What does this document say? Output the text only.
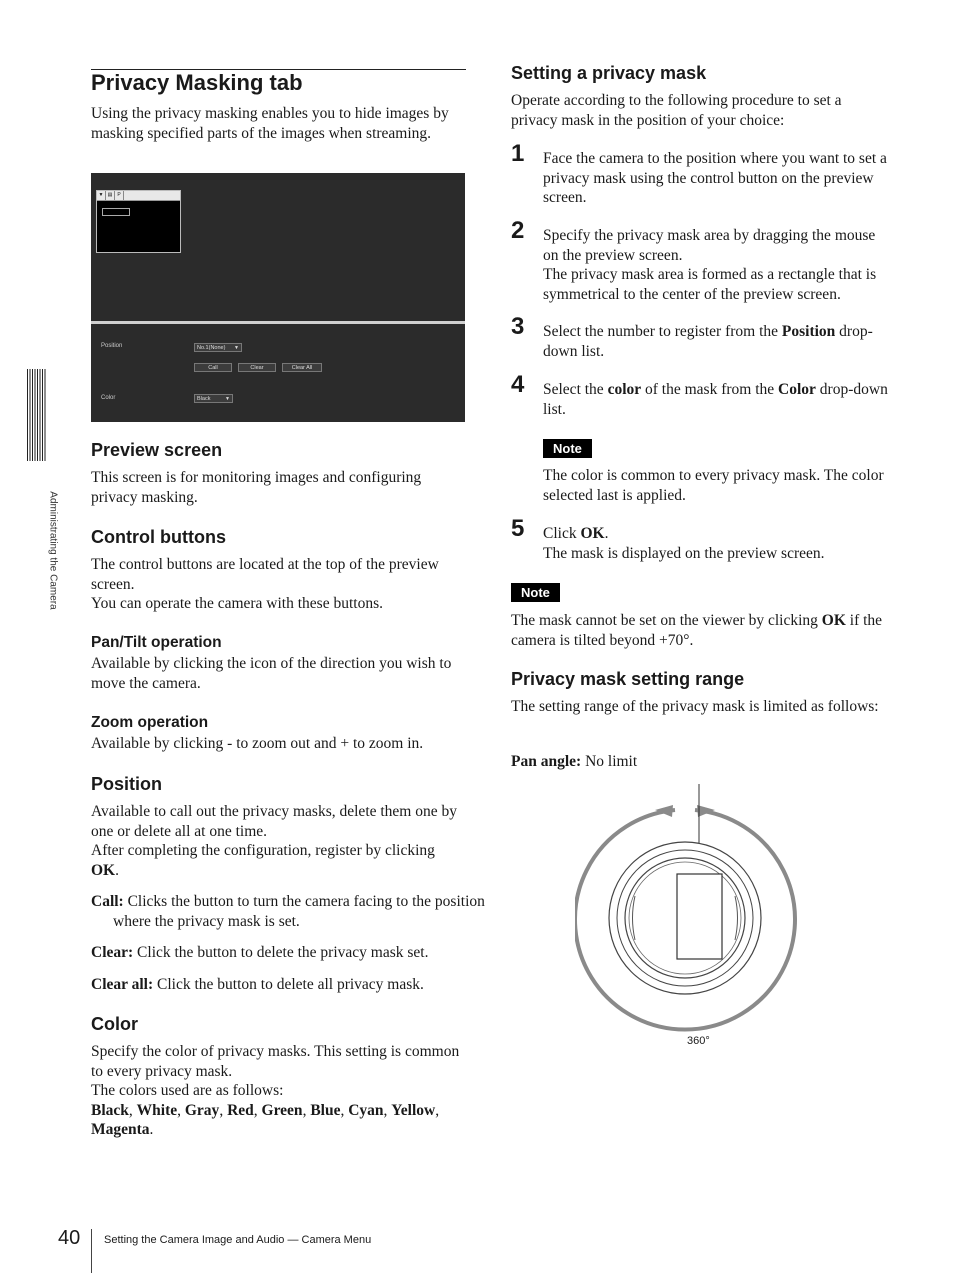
Administrating the Camera
Privacy Masking tab

Using the privacy masking enables you to hide images by masking specified parts of the images when streaming.

▼ ▤ P
Position	No.1(None) ▼
Call	Clear	Clear All
Color	Black	▼
Preview screen

This screen is for monitoring images and configuring privacy masking.

Control buttons

The control buttons are located at the top of the preview screen.

You can operate the camera with these buttons.

Pan/Tilt operation

Available by clicking the icon of the direction you wish to move the camera.

Zoom operation

Available by clicking - to zoom out and + to zoom in.

Position

Available to call out the privacy masks, delete them one by one or delete all at one time.

After completing the configuration, register by clicking OK.

Call: Clicks the button to turn the camera facing to the position where the privacy mask is set.

Clear: Click the button to delete the privacy mask set.

Clear all: Click the button to delete all privacy mask.

Color

Specify the color of privacy masks. This setting is common to every privacy mask.

The colors used are as follows:

Black, White, Gray, Red, Green, Blue, Cyan, Yellow, Magenta.

Setting a privacy mask

Operate according to the following procedure to set a privacy mask in the position of your choice:

1 Face the camera to the position where you want to set a privacy mask using the control button on the preview screen.

2 Specify the privacy mask area by dragging the mouse on the preview screen.

The privacy mask area is formed as a rectangle that is symmetrical to the center of the preview screen.

3 Select the number to register from the Position drop-down list.

4 Select the color of the mask from the Color drop-down list.

Note

The color is common to every privacy mask. The color selected last is applied.

5 Click OK.

The mask is displayed on the preview screen.

Note

The mask cannot be set on the viewer by clicking OK if the camera is tilted beyond +70°.

Privacy mask setting range

The setting range of the privacy mask is limited as follows:

Pan angle: No limit

360°
40 Setting the Camera Image and Audio — Camera Menu
